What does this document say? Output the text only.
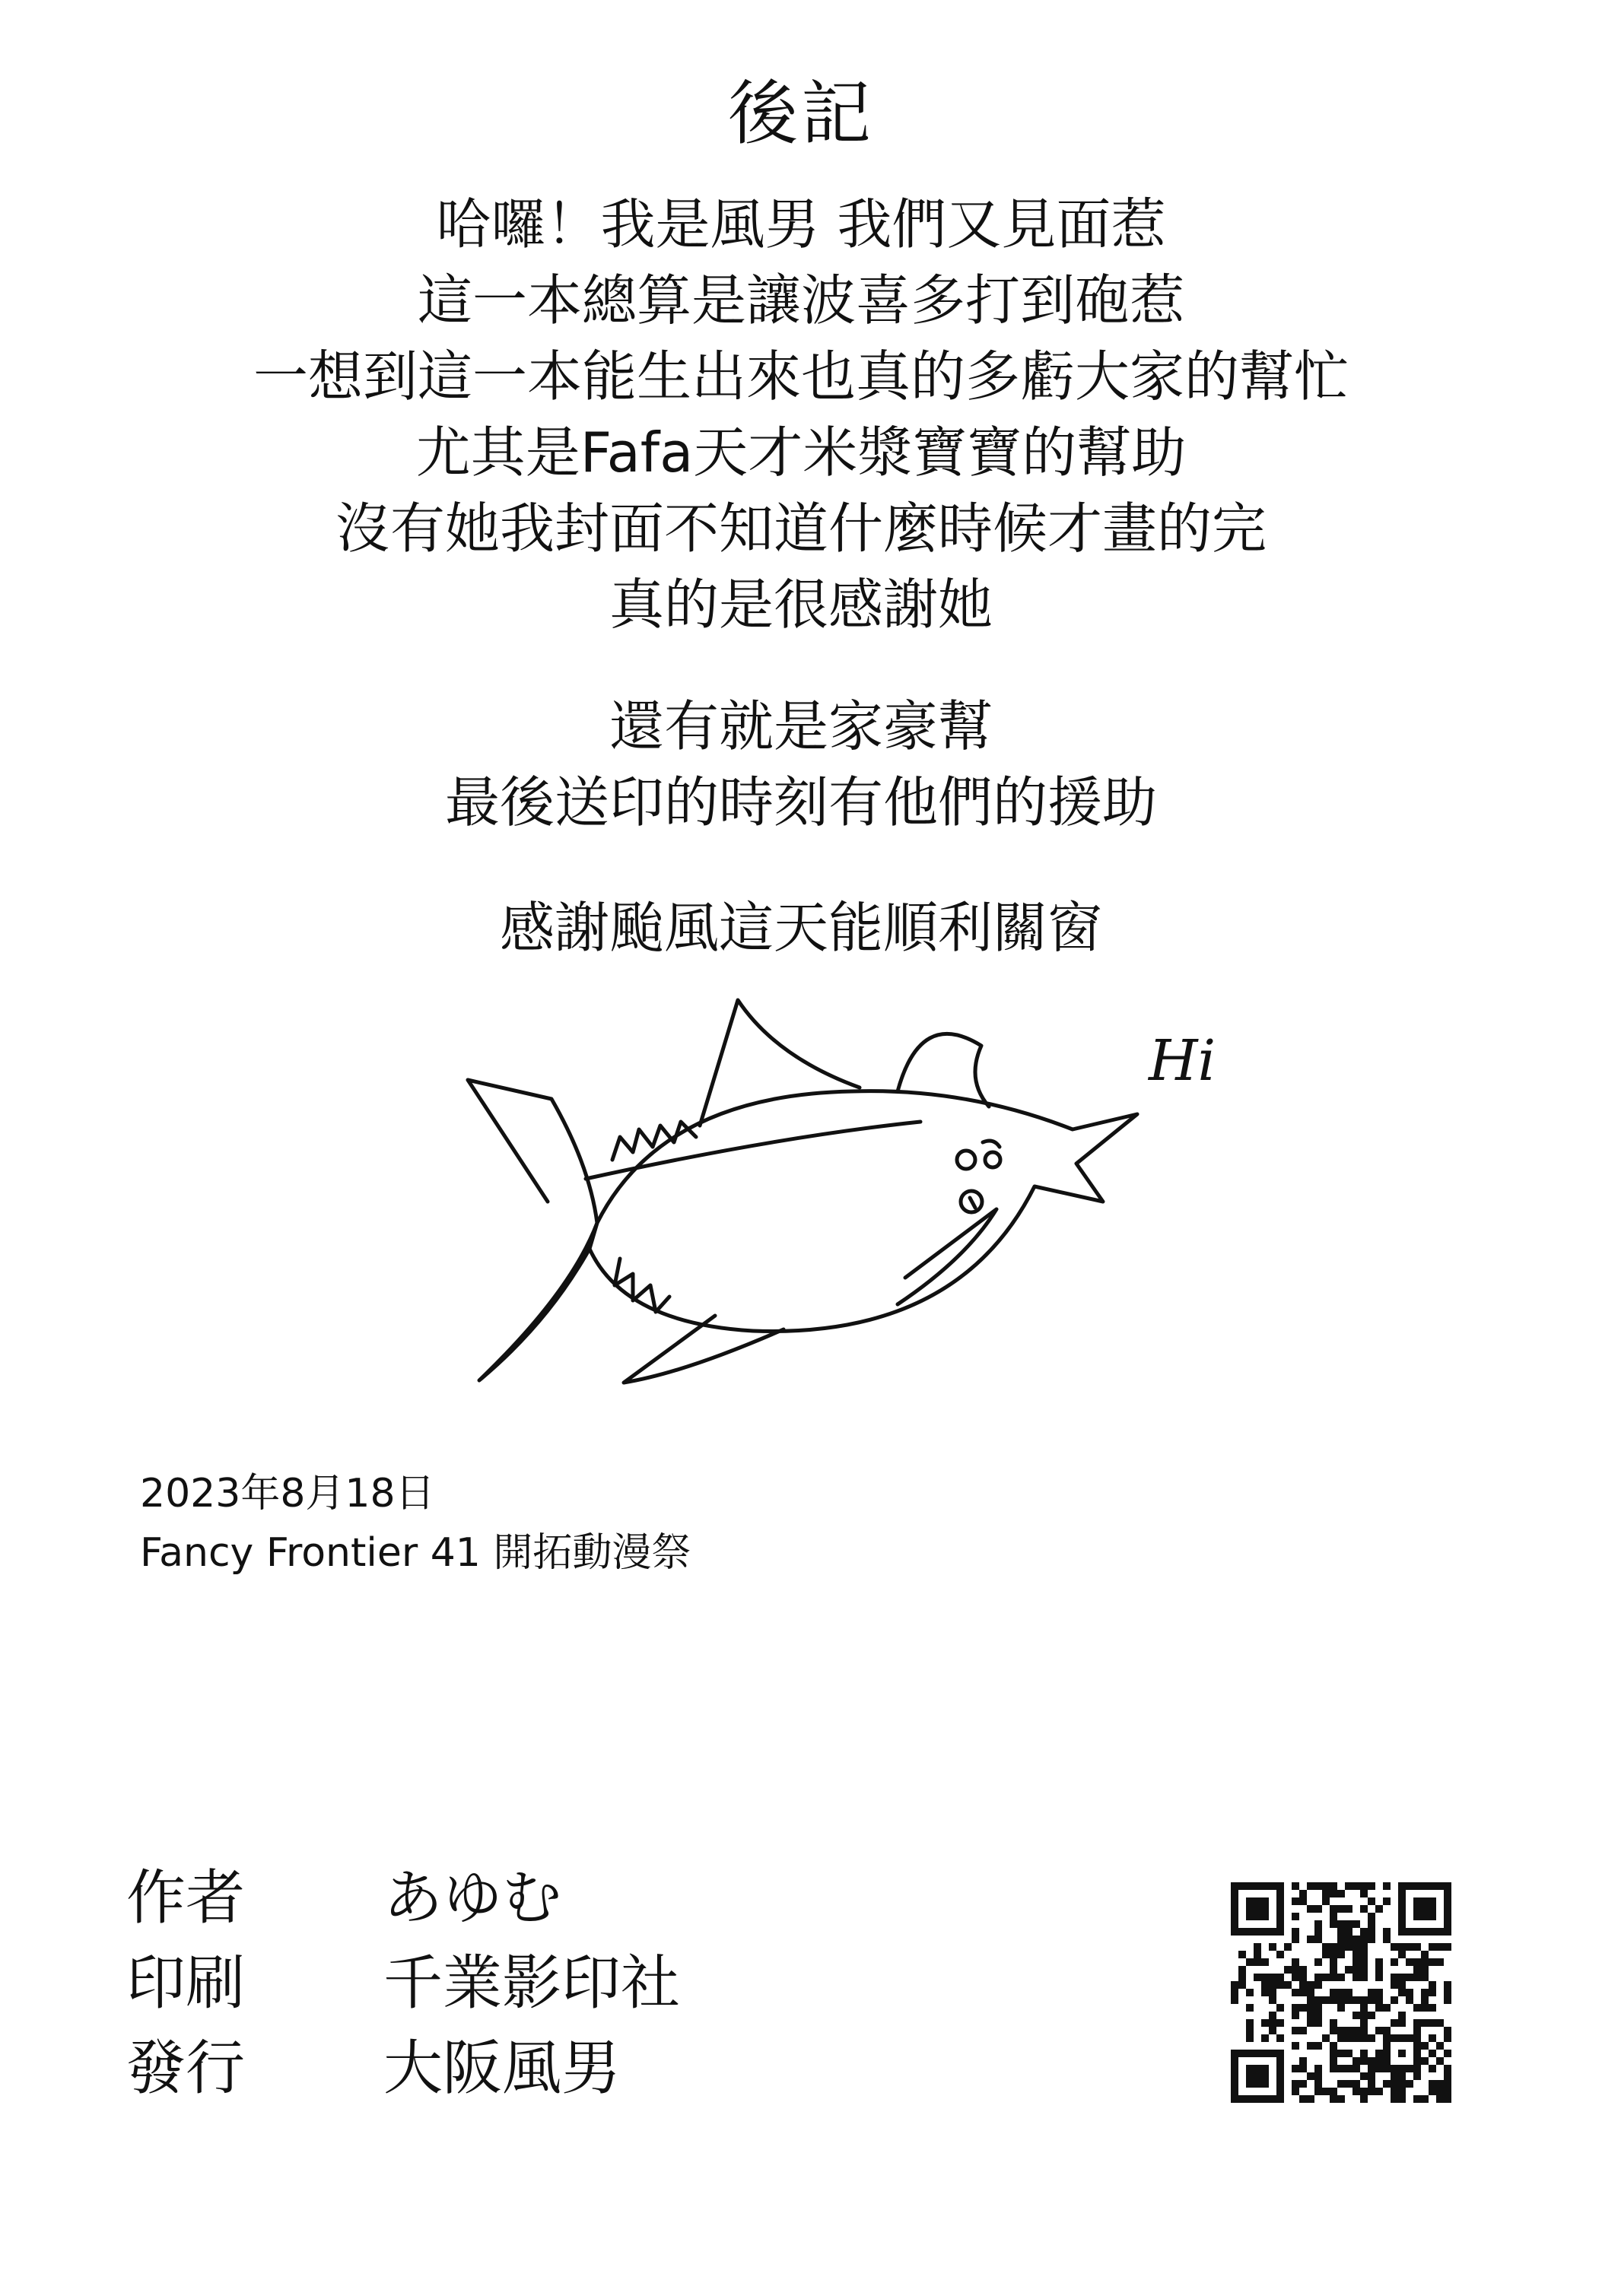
後記
哈囉！我是風男 我們又見面惹
這一本總算是讓波喜多打到砲惹
一想到這一本能生出來也真的多虧大家的幫忙
尤其是Fafa天才米漿寶寶的幫助
沒有她我封面不知道什麼時候才畫的完
真的是很感謝她
還有就是家豪幫
最後送印的時刻有他們的援助
感謝颱風這天能順利關窗
Hi
2023年8月18日
Fancy Frontier 41 開拓動漫祭
作者 あゆむ
印刷 千業影印社
發行 大阪風男
